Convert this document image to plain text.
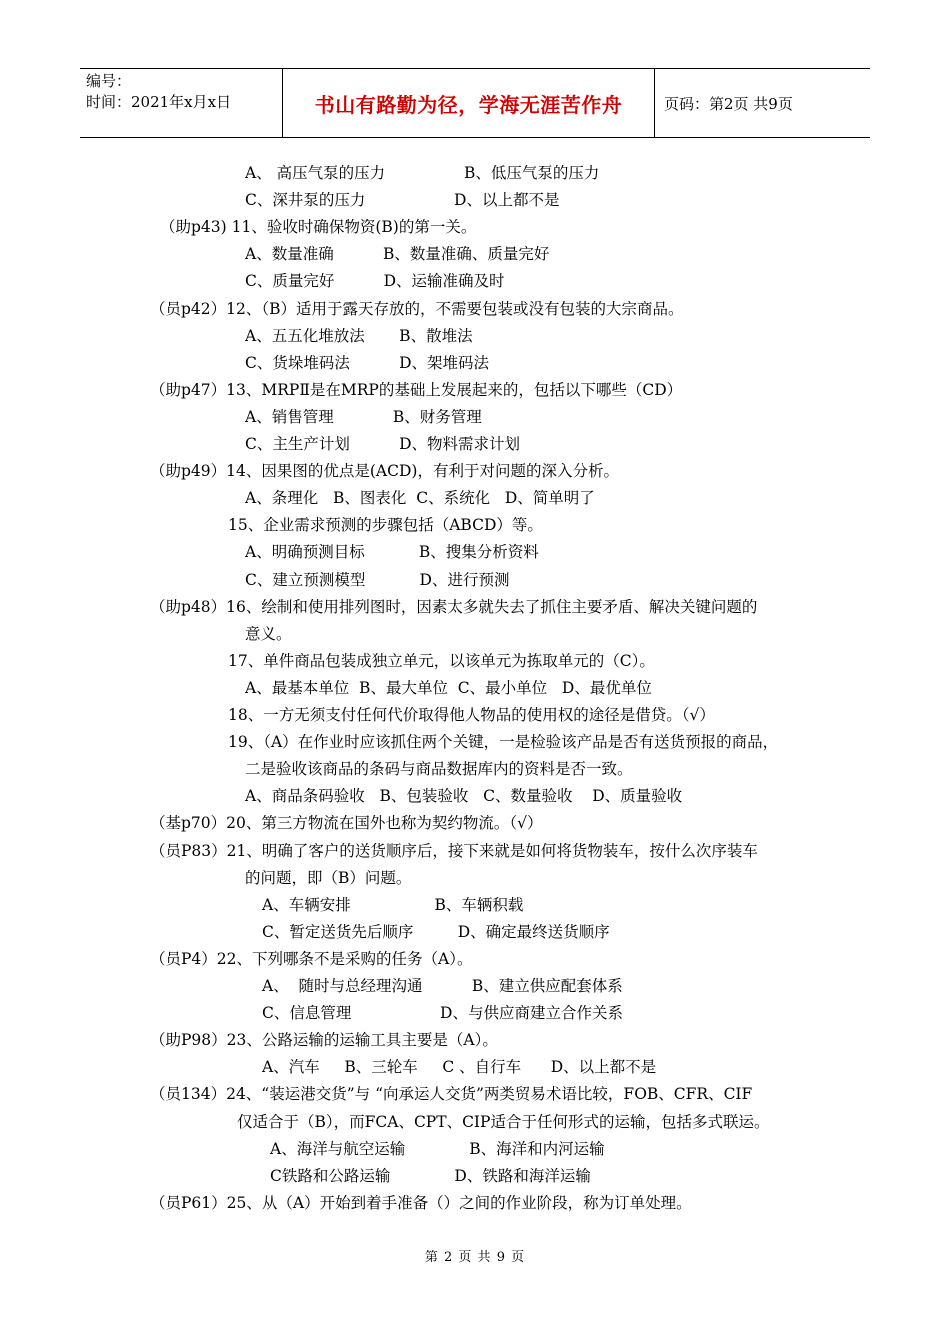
编号：
时间：2021年x月x日	书山有路勤为径，学海无涯苦作舟	页码：第2页 共9页
A、 高压气泵的压力                B、低压气泵的压力
C、深井泵的压力                  D、以上都不是
（助p43) 11、验收时确保物资(B)的第一关。
A、数量准确          B、数量准确、质量完好
C、质量完好          D、运输准确及时
（员p42）12、（B）适用于露天存放的，不需要包装或没有包装的大宗商品。
A、五五化堆放法       B、散堆法
C、货垛堆码法          D、架堆码法
（助p47）13、MRPⅡ是在MRP的基础上发展起来的，包括以下哪些（CD）
A、销售管理            B、财务管理
C、主生产计划          D、物料需求计划
（助p49）14、因果图的优点是(ACD)，有利于对问题的深入分析。
A、条理化   B、图表化  C、系统化   D、简单明了
15、企业需求预测的步骤包括（ABCD）等。
A、明确预测目标           B、搜集分析资料
C、建立预测模型           D、进行预测
（助p48）16、绘制和使用排列图时，因素太多就失去了抓住主要矛盾、解决关键问题的
意义。
17、单件商品包装成独立单元，以该单元为拣取单元的（C）。
A、最基本单位  B、最大单位  C、最小单位   D、最优单位
18、一方无须支付任何代价取得他人物品的使用权的途径是借贷。（√）
19、（A）在作业时应该抓住两个关键，一是检验该产品是否有送货预报的商品，
二是验收该商品的条码与商品数据库内的资料是否一致。
A、商品条码验收   B、包装验收   C、数量验收    D、质量验收
（基p70）20、第三方物流在国外也称为契约物流。（√）
（员P83）21、明确了客户的送货顺序后，接下来就是如何将货物装车，按什么次序装车
的问题，即（B）问题。
A、车辆安排                 B、车辆积载
C、暂定送货先后顺序         D、确定最终送货顺序
（员P4）22、下列哪条不是采购的任务（A）。
A、  随时与总经理沟通          B、建立供应配套体系
C、信息管理                  D、与供应商建立合作关系
（助P98）23、公路运输的运输工具主要是（A）。
A、汽车     B、三轮车     C 、自行车      D、以上都不是
（员134）24、“装运港交货”与 “向承运人交货”两类贸易术语比较，FOB、CFR、CIF
仅适合于（B），而FCA、CPT、CIP适合于任何形式的运输，包括多式联运。
A、海洋与航空运输             B、海洋和内河运输
C铁路和公路运输             D、铁路和海洋运输
（员P61）25、从（A）开始到着手准备（）之间的作业阶段，称为订单处理。
第 2 页 共 9 页
